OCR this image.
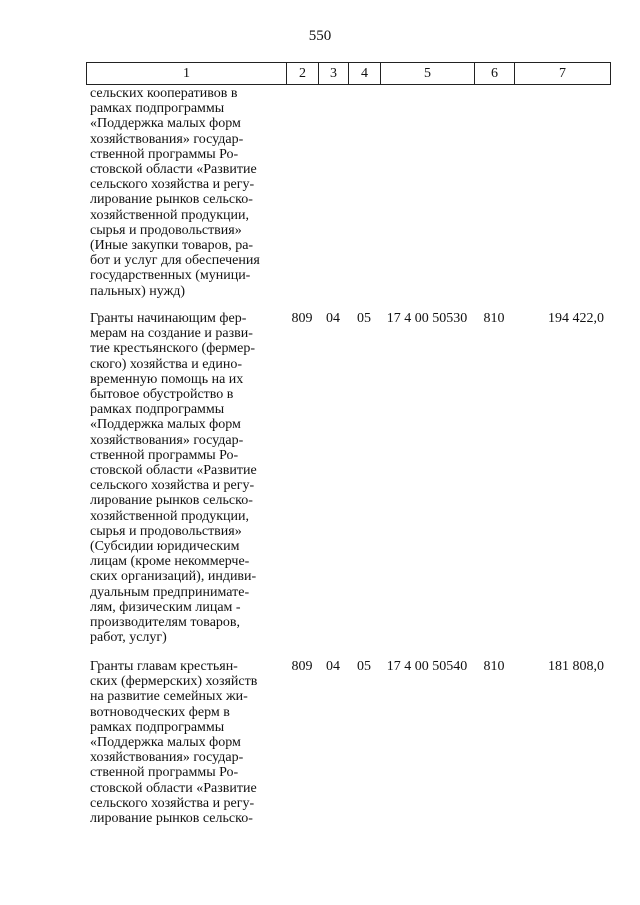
550
1	2	3	4	5	6	7
сельских кооперативов в
рамках подпрограммы
«Поддержка малых форм
хозяйствования» государ-
ственной программы Ро-
стовской области «Развитие
сельского хозяйства и регу-
лирование рынков сельско-
хозяйственной продукции,
сырья и продовольствия»
(Иные закупки товаров, ра-
бот и услуг для обеспечения
государственных (муници-
пальных) нужд)
Гранты начинающим фер-
мерам на создание и разви-
тие крестьянского (фермер-
ского) хозяйства и едино-
временную помощь на их
бытовое обустройство в
рамках подпрограммы
«Поддержка малых форм
хозяйствования» государ-
ственной программы Ро-
стовской области «Развитие
сельского хозяйства и регу-
лирование рынков сельско-
хозяйственной продукции,
сырья и продовольствия»
(Субсидии юридическим
лицам (кроме некоммерче-
ских организаций), индиви-
дуальным предпринимате-
лям, физическим лицам -
производителям товаров,
работ, услуг)
809 04	05	17 4 00 50530	810	194 422,0
Гранты главам крестьян-
ских (фермерских) хозяйств
на развитие семейных жи-
вотноводческих ферм в
рамках подпрограммы
«Поддержка малых форм
хозяйствования» государ-
ственной программы Ро-
стовской области «Развитие
сельского хозяйства и регу-
лирование рынков сельско-
809 04	05	17 4 00 50540	810	181 808,0
